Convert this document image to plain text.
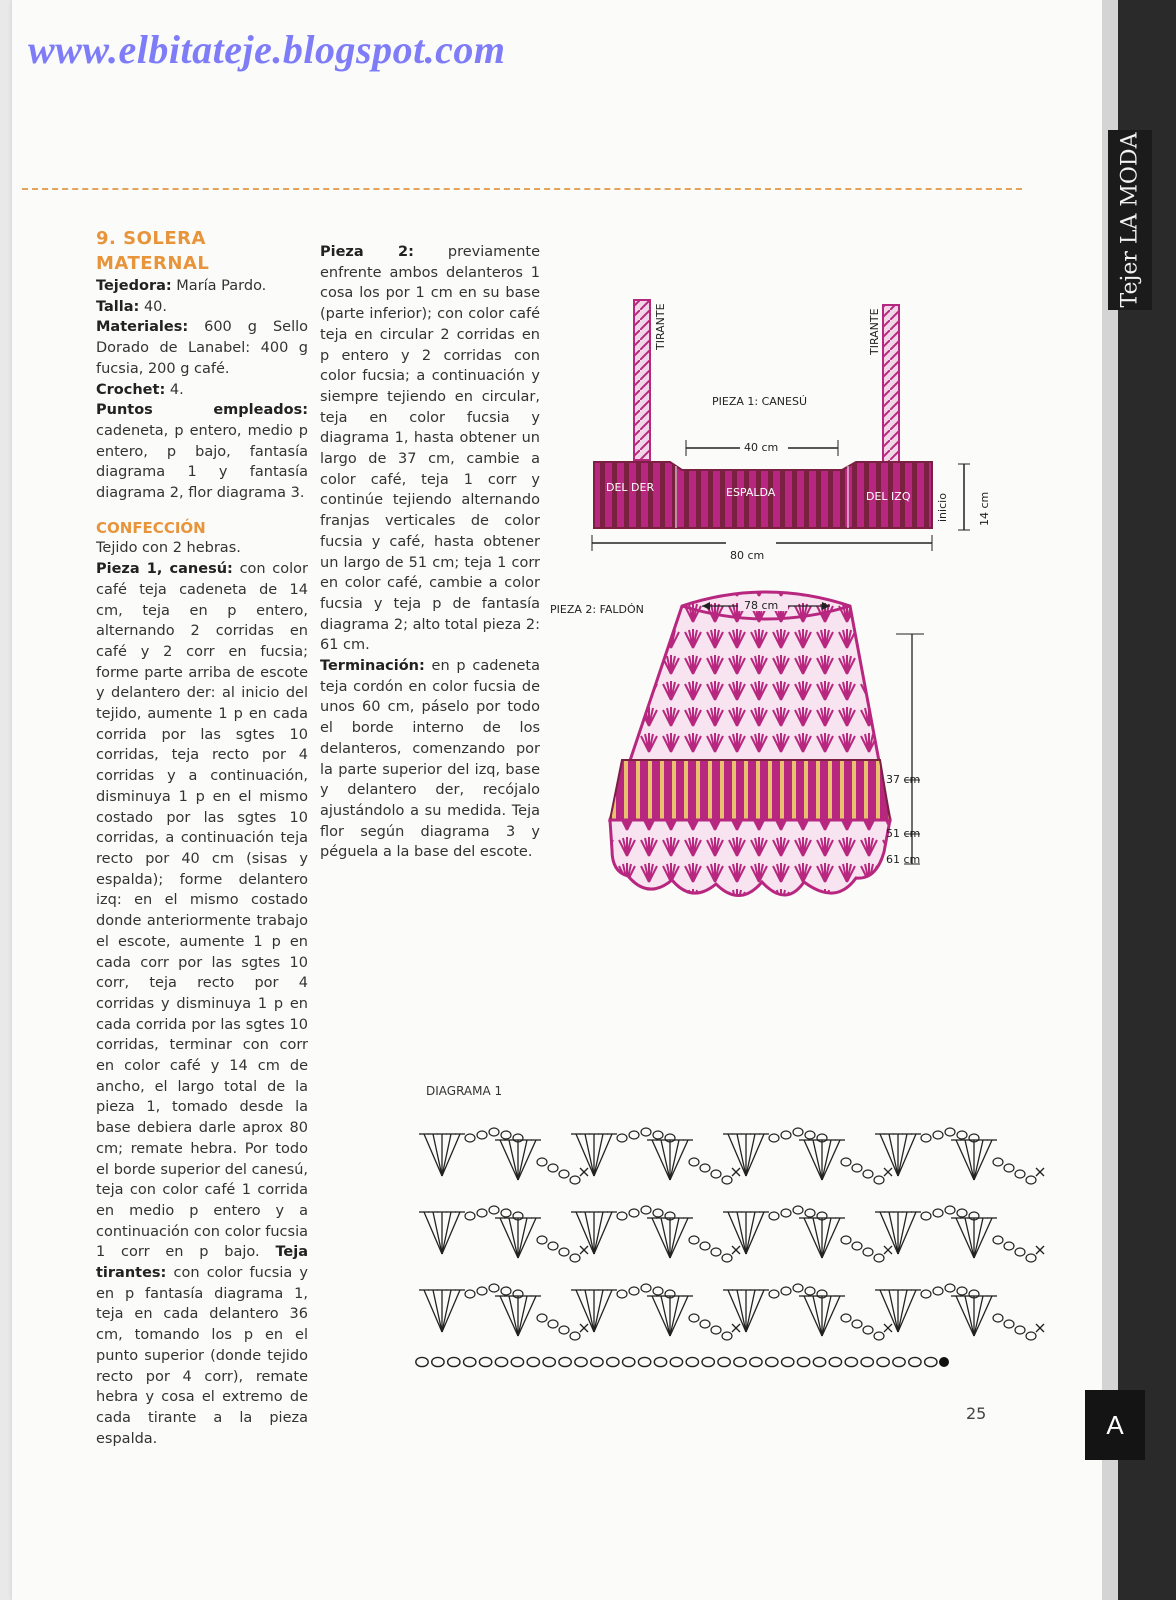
Tejer LA MODA
A
www.elbitateje.blogspot.com

9. SOLERA

MATERNAL

Tejedora: María Pardo.

Talla: 40.

Materiales: 600 g Sello Dorado de Lanabel: 400 g fucsia, 200 g café.

Crochet: 4.

Puntos empleados: cadeneta, p entero, medio p entero, p bajo, fantasía diagrama 1 y fantasía diagrama 2, flor diagrama 3.

CONFECCIÓN

Tejido con 2 hebras.

Pieza 1, canesú: con color café teja cadeneta de 14 cm, teja en p entero, alternando 2 corridas en café y 2 corr en fucsia; forme parte arriba de escote y delantero der: al inicio del tejido, aumente 1 p en cada corrida por las sgtes 10 corridas, teja recto por 4 corridas y a continuación, disminuya 1 p en el mismo costado por las sgtes 10 corridas, a continuación teja recto por 40 cm (sisas y espalda); forme delantero izq: en el mismo costado donde anteriormente trabajo el escote, aumente 1 p en cada corr por las sgtes 10 corr, teja recto por 4 corridas y disminuya 1 p en cada corrida por las sgtes 10 corridas, terminar con corr en color café y 14 cm de ancho, el largo total de la pieza 1, tomado desde la base debiera darle aprox 80 cm; remate hebra. Por todo el borde superior del canesú, teja con color café 1 corrida en medio p entero y a continuación con color fucsia 1 corr en p bajo. Teja tirantes: con color fucsia y en p fantasía diagrama 1, teja en cada delantero 36 cm, tomando los p en el punto superior (donde tejido recto por 4 corr), remate hebra y cosa el extremo de cada tirante a la pieza espalda.

Pieza 2: previamente enfrente ambos delanteros 1 cosa los por 1 cm en su base (parte inferior); con color café teja en circular 2 corridas en p entero y 2 corridas con color fucsia; a continuación y siempre tejiendo en circular, teja en color fucsia y diagrama 1, hasta obtener un largo de 37 cm, cambie a color café, teja 1 corr y continúe tejiendo alternando franjas verticales de color fucsia y café, hasta obtener un largo de 51 cm; teja 1 corr en color café, cambie a color fucsia y teja p de fantasía diagrama 2; alto total pieza 2: 61 cm.

Terminación: en p cadeneta teja cordón en color fucsia de unos 60 cm, páselo por todo el borde interno de los delanteros, comenzando por la parte superior del izq, base y delantero der, recójalo ajustándolo a su medida. Teja flor según diagrama 3 y péguela a la base del escote.

PIEZA 1: CANESÚ
TIRANTE	TIRANTE
40 cm
DEL DER	ESPALDA	DEL IZQ inicio	14 cm
80 cm
PIEZA 2: FALDÓN	78 cm
37 cm
51 cm
61 cm
DIAGRAMA 1
25
